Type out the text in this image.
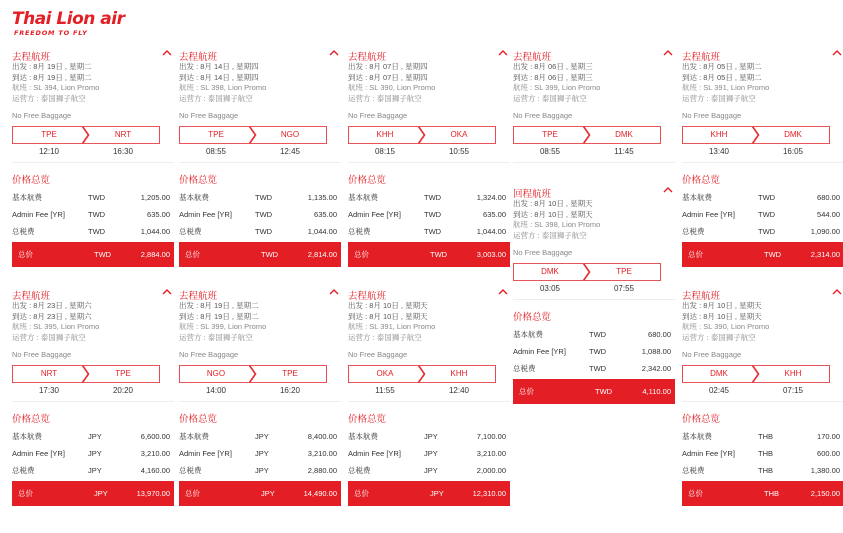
Thai Lion air
FREEDOM TO FLY
去程航班
出发 : 8月 19日 , 星期二
到达 : 8月 19日 , 星期二
航班 : SL 394, Lion Promo
运营方 : 泰国狮子航空
No Free Baggage
TPE	NRT
12:10	16:30
价格总览
基本航费	TWD	1,205.00
Admin Fee [YR]	TWD	635.00
总税费	TWD	1,044.00
总价	TWD	2,884.00
去程航班
出发 : 8月 14日 , 星期四
到达 : 8月 14日 , 星期四
航班 : SL 398, Lion Promo
运营方 : 泰国狮子航空
No Free Baggage
TPE	NGO
08:55	12:45
价格总览
基本航费	TWD	1,135.00
Admin Fee [YR]	TWD	635.00
总税费	TWD	1,044.00
总价	TWD	2,814.00
去程航班
出发 : 8月 07日 , 星期四
到达 : 8月 07日 , 星期四
航班 : SL 390, Lion Promo
运营方 : 泰国狮子航空
No Free Baggage
KHH	OKA
08:15	10:55
价格总览
基本航费	TWD	1,324.00
Admin Fee [YR]	TWD	635.00
总税费	TWD	1,044.00
总价	TWD	3,003.00
去程航班
出发 : 8月 06日 , 星期三
到达 : 8月 06日 , 星期三
航班 : SL 399, Lion Promo
运营方 : 泰国狮子航空
No Free Baggage
TPE	DMK
08:55	11:45
去程航班
出发 : 8月 05日 , 星期二
到达 : 8月 05日 , 星期二
航班 : SL 391, Lion Promo
运营方 : 泰国狮子航空
No Free Baggage
KHH	DMK
13:40	16:05
价格总览
基本航费	TWD	680.00
Admin Fee [YR]	TWD	544.00
总税费	TWD	1,090.00
总价	TWD	2,314.00
去程航班
出发 : 8月 23日 , 星期六
到达 : 8月 23日 , 星期六
航班 : SL 395, Lion Promo
运营方 : 泰国狮子航空
No Free Baggage
NRT	TPE
17:30	20:20
价格总览
基本航费	JPY	6,600.00
Admin Fee [YR]	JPY	3,210.00
总税费	JPY	4,160.00
总价	JPY	13,970.00
去程航班
出发 : 8月 19日 , 星期二
到达 : 8月 19日 , 星期二
航班 : SL 399, Lion Promo
运营方 : 泰国狮子航空
No Free Baggage
NGO	TPE
14:00	16:20
价格总览
基本航费	JPY	8,400.00
Admin Fee [YR]	JPY	3,210.00
总税费	JPY	2,880.00
总价	JPY	14,490.00
去程航班
出发 : 8月 10日 , 星期天
到达 : 8月 10日 , 星期天
航班 : SL 391, Lion Promo
运营方 : 泰国狮子航空
No Free Baggage
OKA	KHH
11:55	12:40
价格总览
基本航费	JPY	7,100.00
Admin Fee [YR]	JPY	3,210.00
总税费	JPY	2,000.00
总价	JPY	12,310.00
回程航班
出发 : 8月 10日 , 星期天
到达 : 8月 10日 , 星期天
航班 : SL 398, Lion Promo
运营方 : 泰国狮子航空
No Free Baggage
DMK	TPE
03:05	07:55
价格总览
基本航费	TWD	680.00
Admin Fee [YR]	TWD	1,088.00
总税费	TWD	2,342.00
总价	TWD	4,110.00
去程航班
出发 : 8月 10日 , 星期天
到达 : 8月 10日 , 星期天
航班 : SL 390, Lion Promo
运营方 : 泰国狮子航空
No Free Baggage
DMK	KHH
02:45	07:15
价格总览
基本航费	THB	170.00
Admin Fee [YR]	THB	600.00
总税费	THB	1,380.00
总价	THB	2,150.00
